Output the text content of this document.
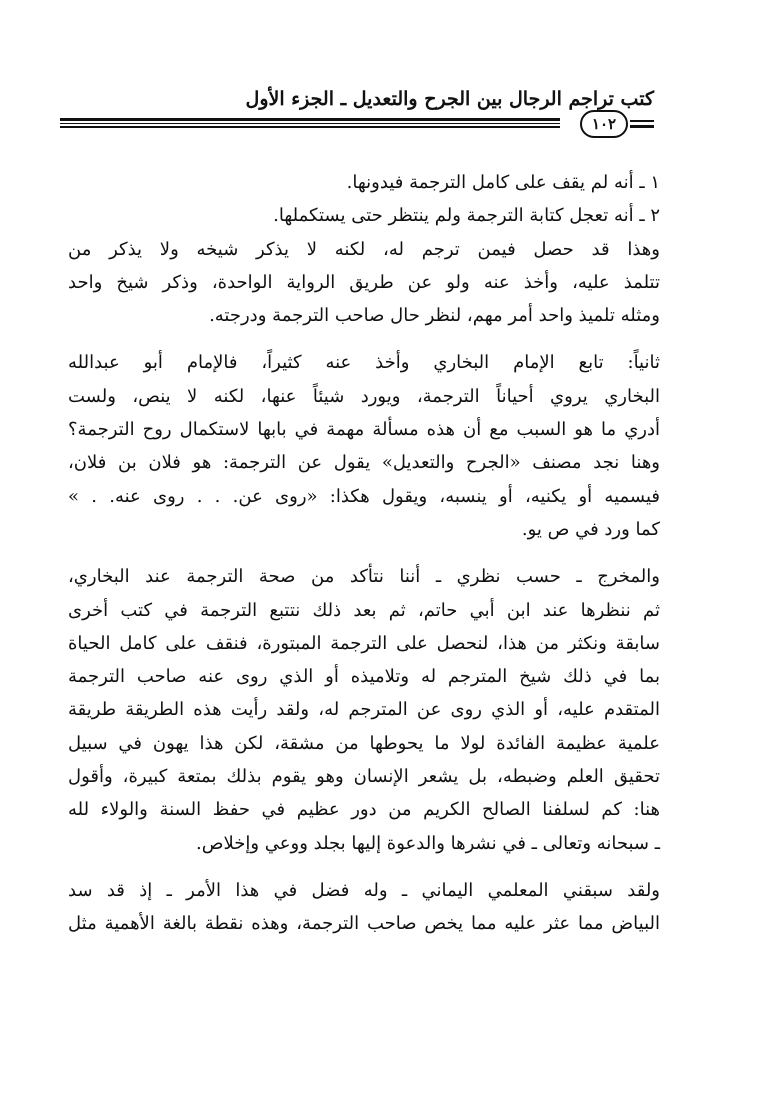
كتب تراجم الرجال بين الجرح والتعديل ـ الجزء الأول
١٠٢

١ ـ أنه لم يقف على كامل الترجمة فيدونها.
٢ ـ أنه تعجل كتابة الترجمة ولم ينتظر حتى يستكملها.

وهذا قد حصل فيمن ترجم له، لكنه لا يذكر شيخه ولا يذكر من
تتلمذ عليه، وأخذ عنه ولو عن طريق الرواية الواحدة، وذكر شيخ واحد
ومثله تلميذ واحد أمر مهم، لنظر حال صاحب الترجمة ودرجته.

ثانياً: تابع الإمام البخاري وأخذ عنه كثيراً، فالإمام أبو عبدالله
البخاري يروي أحياناً الترجمة، ويورد شيئاً عنها، لكنه لا ينص، ولست
أدري ما هو السبب مع أن هذه مسألة مهمة في بابها لاستكمال روح الترجمة؟
وهنا نجد مصنف «الجرح والتعديل» يقول عن الترجمة: هو فلان بن فلان،
فيسميه أو يكنيه، أو ينسبه، ويقول هكذا: «روى عن. . . روى عنه. . »
كما ورد في ص يو.

والمخرج ـ حسب نظري ـ أننا نتأكد من صحة الترجمة عند البخاري،
ثم ننظرها عند ابن أبي حاتم، ثم بعد ذلك نتتبع الترجمة في كتب أخرى
سابقة ونكثر من هذا، لنحصل على الترجمة المبتورة، فنقف على كامل الحياة
بما في ذلك شيخ المترجم له وتلاميذه أو الذي روى عنه صاحب الترجمة
المتقدم عليه، أو الذي روى عن المترجم له، ولقد رأيت هذه الطريقة طريقة
علمية عظيمة الفائدة لولا ما يحوطها من مشقة، لكن هذا يهون في سبيل
تحقيق العلم وضبطه، بل يشعر الإنسان وهو يقوم بذلك بمتعة كبيرة، وأقول
هنا: كم لسلفنا الصالح الكريم من دور عظيم في حفظ السنة والولاء لله
ـ سبحانه وتعالى ـ في نشرها والدعوة إليها بجلد ووعي وإخلاص.

ولقد سبقني المعلمي اليماني ـ وله فضل في هذا الأمر ـ إذ قد سد
البياض مما عثر عليه مما يخص صاحب الترجمة، وهذه نقطة بالغة الأهمية مثل
